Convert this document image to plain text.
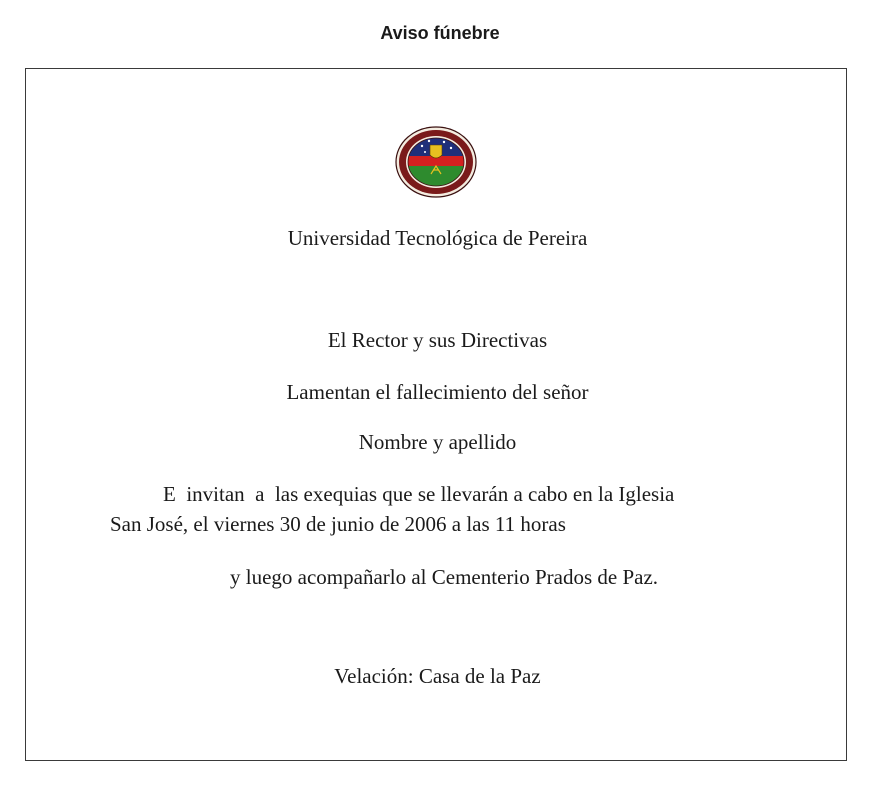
Aviso fúnebre
Universidad Tecnológica de Pereira
El Rector y sus Directivas
Lamentan el fallecimiento del señor
Nombre y apellido
E  invitan  a  las exequias que se llevarán a cabo en la Iglesia
San José, el viernes 30 de junio de 2006 a las 11 horas
y luego acompañarlo al Cementerio Prados de Paz.
Velación: Casa de la Paz
